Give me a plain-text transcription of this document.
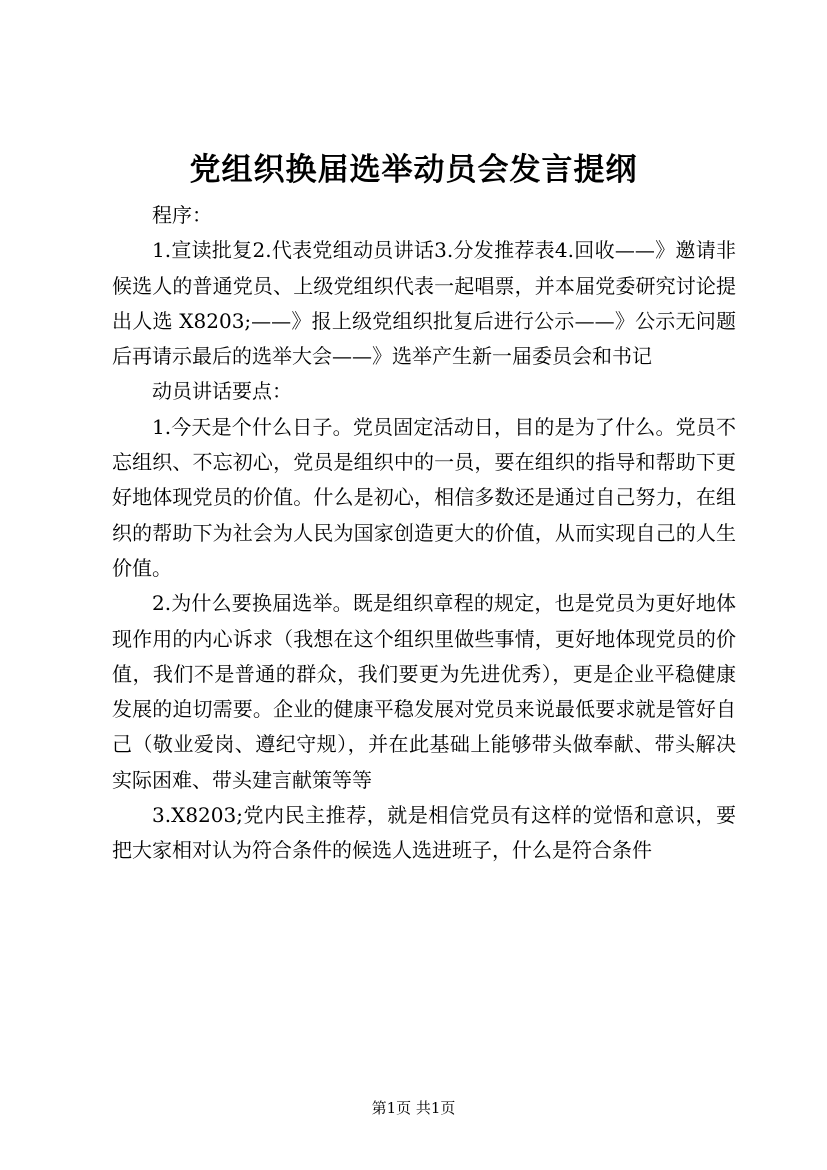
党组织换届选举动员会发言提纲

程序：

1.宣读批复2.代表党组动员讲话3.分发推荐表4.回收——》邀请非候选人的普通党员、上级党组织代表一起唱票，并本届党委研究讨论提出人选 X8203;——》报上级党组织批复后进行公示——》公示无问题后再请示最后的选举大会——》选举产生新一届委员会和书记

动员讲话要点：

1.今天是个什么日子。党员固定活动日，目的是为了什么。党员不忘组织、不忘初心，党员是组织中的一员，要在组织的指导和帮助下更好地体现党员的价值。什么是初心，相信多数还是通过自己努力，在组织的帮助下为社会为人民为国家创造更大的价值，从而实现自己的人生价值。

2.为什么要换届选举。既是组织章程的规定，也是党员为更好地体现作用的内心诉求（我想在这个组织里做些事情，更好地体现党员的价值，我们不是普通的群众，我们要更为先进优秀），更是企业平稳健康发展的迫切需要。企业的健康平稳发展对党员来说最低要求就是管好自己（敬业爱岗、遵纪守规），并在此基础上能够带头做奉献、带头解决实际困难、带头建言献策等等

3.X8203;党内民主推荐，就是相信党员有这样的觉悟和意识，要把大家相对认为符合条件的候选人选进班子，什么是符合条件

第1页 共1页
